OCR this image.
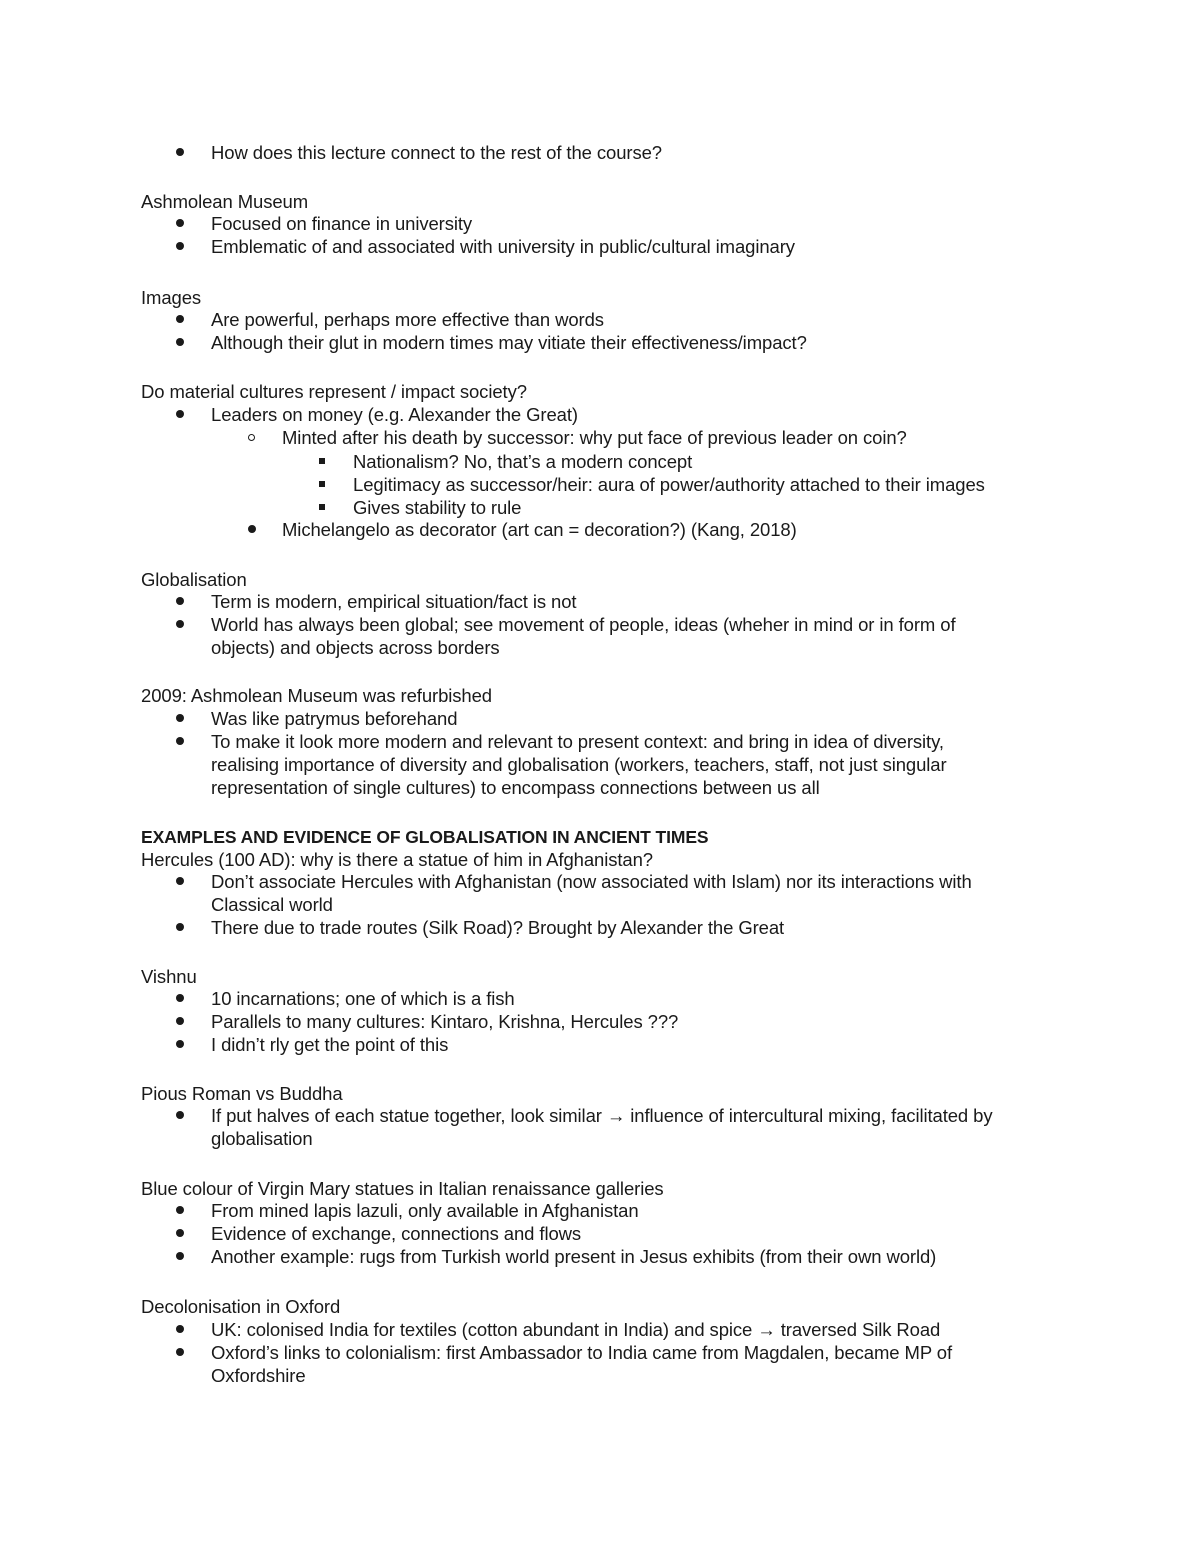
How does this lecture connect to the rest of the course?
Ashmolean Museum
Focused on finance in university
Emblematic of and associated with university in public/cultural imaginary
Images
Are powerful, perhaps more effective than words
Although their glut in modern times may vitiate their effectiveness/impact?
Do material cultures represent / impact society?
Leaders on money (e.g. Alexander the Great)
Minted after his death by successor: why put face of previous leader on coin?
Nationalism? No, that’s a modern concept
Legitimacy as successor/heir: aura of power/authority attached to their images
Gives stability to rule
Michelangelo as decorator (art can = decoration?) (Kang, 2018)
Globalisation
Term is modern, empirical situation/fact is not
World has always been global; see movement of people, ideas (wheher in mind or in form of
objects) and objects across borders
2009: Ashmolean Museum was refurbished
Was like patrymus beforehand
To make it look more modern and relevant to present context: and bring in idea of diversity,
realising importance of diversity and globalisation (workers, teachers, staff, not just singular
representation of single cultures) to encompass connections between us all
EXAMPLES AND EVIDENCE OF GLOBALISATION IN ANCIENT TIMES
Hercules (100 AD): why is there a statue of him in Afghanistan?
Don’t associate Hercules with Afghanistan (now associated with Islam) nor its interactions with
Classical world
There due to trade routes (Silk Road)? Brought by Alexander the Great
Vishnu
10 incarnations; one of which is a fish
Parallels to many cultures: Kintaro, Krishna, Hercules ???
I didn’t rly get the point of this
Pious Roman vs Buddha
If put halves of each statue together, look similar → influence of intercultural mixing, facilitated by
globalisation
Blue colour of Virgin Mary statues in Italian renaissance galleries
From mined lapis lazuli, only available in Afghanistan
Evidence of exchange, connections and flows
Another example: rugs from Turkish world present in Jesus exhibits (from their own world)
Decolonisation in Oxford
UK: colonised India for textiles (cotton abundant in India) and spice → traversed Silk Road
Oxford’s links to colonialism: first Ambassador to India came from Magdalen, became MP of
Oxfordshire
